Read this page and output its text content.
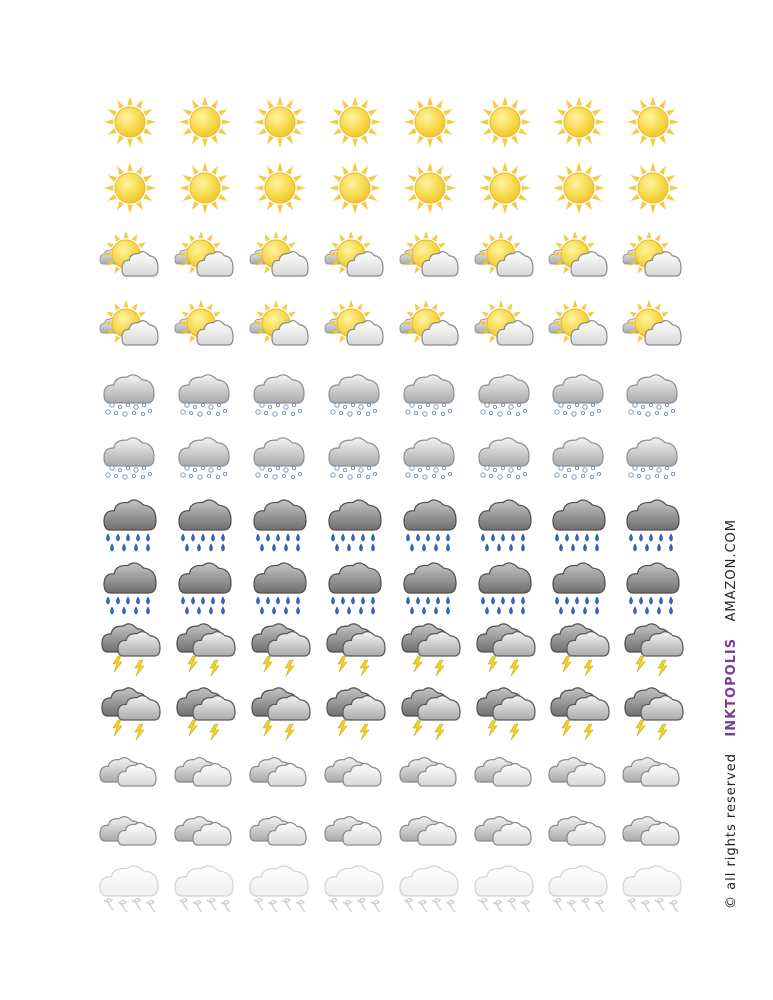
© all rights reserved
INKTOPOLIS
AMAZON.COM
